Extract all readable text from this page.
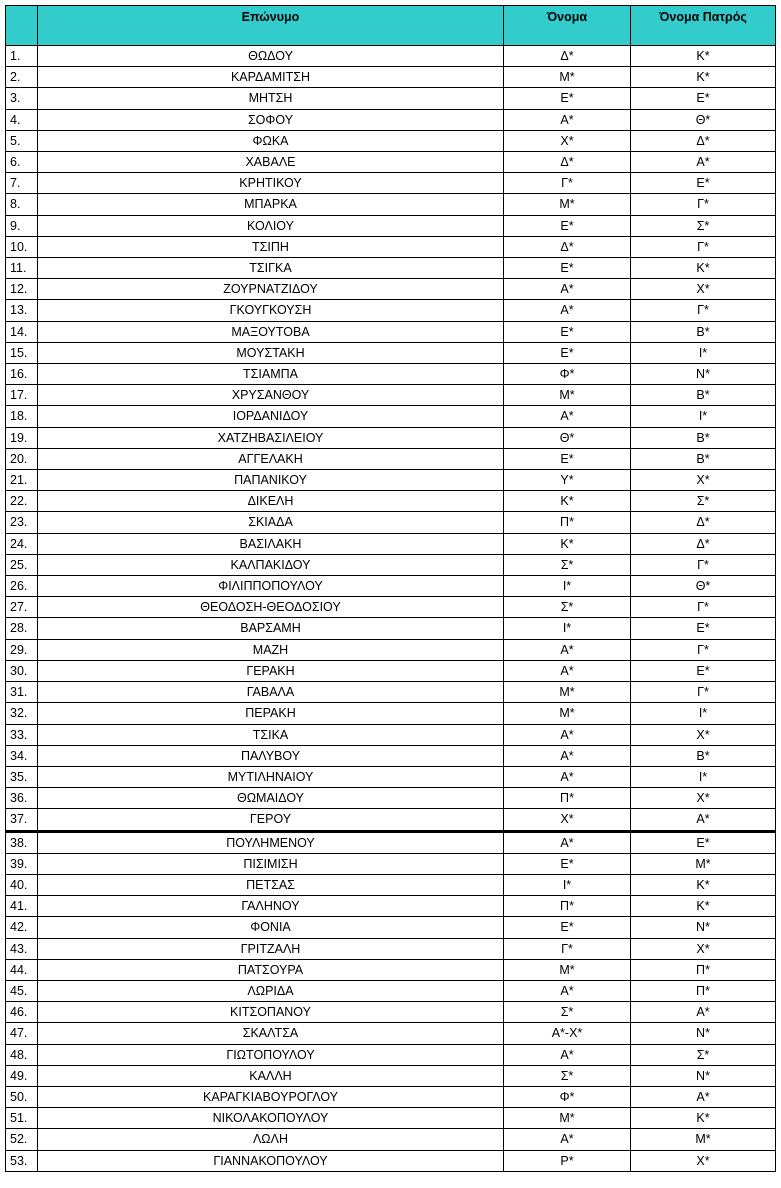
	Επώνυμο	Όνομα	Όνομα Πατρός
1.	ΘΩΔΟΥ	Δ*	Κ*
2.	ΚΑΡΔΑΜΙΤΣΗ	Μ*	Κ*
3.	ΜΗΤΣΗ	Ε*	Ε*
4.	ΣΟΦΟΥ	Α*	Θ*
5.	ΦΩΚΑ	Χ*	Δ*
6.	ΧΑΒΑΛΕ	Δ*	Α*
7.	ΚΡΗΤΙΚΟΥ	Γ*	Ε*
8.	ΜΠΑΡΚΑ	Μ*	Γ*
9.	ΚΟΛΙΟΥ	Ε*	Σ*
10.	ΤΣΙΠΗ	Δ*	Γ*
11.	ΤΣΙΓΚΑ	Ε*	Κ*
12.	ΖΟΥΡΝΑΤΖΙΔΟΥ	Α*	Χ*
13.	ΓΚΟΥΓΚΟΥΣΗ	Α*	Γ*
14.	ΜΑΞΟΥΤΟΒΑ	Ε*	Β*
15.	ΜΟΥΣΤΑΚΗ	Ε*	Ι*
16.	ΤΣΙΑΜΠΑ	Φ*	Ν*
17.	ΧΡΥΣΑΝΘΟΥ	Μ*	Β*
18.	ΙΟΡΔΑΝΙΔΟΥ	Α*	Ι*
19.	ΧΑΤΖΗΒΑΣΙΛΕΙΟΥ	Θ*	Β*
20.	ΑΓΓΕΛΑΚΗ	Ε*	Β*
21.	ΠΑΠΑΝΙΚΟΥ	Υ*	Χ*
22.	ΔΙΚΕΛΗ	Κ*	Σ*
23.	ΣΚΙΑΔΑ	Π*	Δ*
24.	ΒΑΣΙΛΑΚΗ	Κ*	Δ*
25.	ΚΑΛΠΑΚΙΔΟΥ	Σ*	Γ*
26.	ΦΙΛΙΠΠΟΠΟΥΛΟΥ	Ι*	Θ*
27.	ΘΕΟΔΟΣΗ-ΘΕΟΔΟΣΙΟΥ	Σ*	Γ*
28.	ΒΑΡΣΑΜΗ	Ι*	Ε*
29.	ΜΑΖΗ	Α*	Γ*
30.	ΓΕΡΑΚΗ	Α*	Ε*
31.	ΓΑΒΑΛΑ	Μ*	Γ*
32.	ΠΕΡΑΚΗ	Μ*	Ι*
33.	ΤΣΙΚΑ	Α*	Χ*
34.	ΠΑΛΥΒΟΥ	Α*	Β*
35.	ΜΥΤΙΛΗΝΑΙΟΥ	Α*	Ι*
36.	ΘΩΜΑΙΔΟΥ	Π*	Χ*
37.	ΓΕΡΟΥ	Χ*	Α*
38.	ΠΟΥΛΗΜΕΝΟΥ	Α*	Ε*
39.	ΠΙΣΙΜΙΣΗ	Ε*	Μ*
40.	ΠΕΤΣΑΣ	Ι*	Κ*
41.	ΓΑΛΗΝΟΥ	Π*	Κ*
42.	ΦΟΝΙΑ	Ε*	Ν*
43.	ΓΡΙΤΖΑΛΗ	Γ*	Χ*
44.	ΠΑΤΣΟΥΡΑ	Μ*	Π*
45.	ΛΩΡΙΔΑ	Α*	Π*
46.	ΚΙΤΣΟΠΑΝΟΥ	Σ*	Α*
47.	ΣΚΑΛΤΣΑ	Α*-Χ*	Ν*
48.	ΓΙΩΤΟΠΟΥΛΟΥ	Α*	Σ*
49.	ΚΑΛΛΗ	Σ*	Ν*
50.	ΚΑΡΑΓΚΙΑΒΟΥΡΟΓΛΟΥ	Φ*	Α*
51.	ΝΙΚΟΛΑΚΟΠΟΥΛΟΥ	Μ*	Κ*
52.	ΛΩΛΗ	Α*	Μ*
53.	ΓΙΑΝΝΑΚΟΠΟΥΛΟΥ	Ρ*	Χ*
